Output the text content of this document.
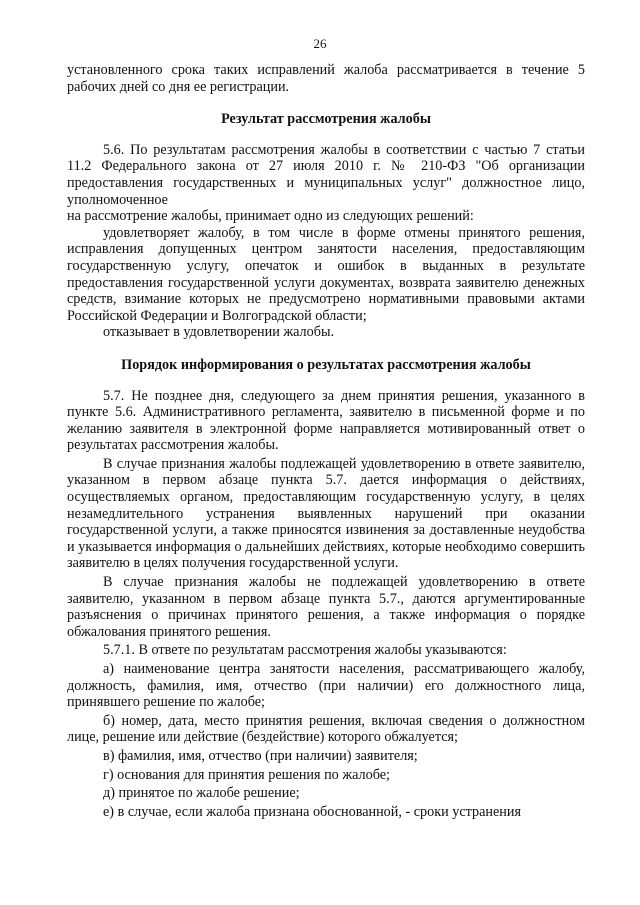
26

установленного срока таких исправлений жалоба рассматривается в течение 5 рабочих дней со дня ее регистрации.

Результат рассмотрения жалобы

5.6. По результатам рассмотрения жалобы в соответствии с частью 7 статьи 11.2 Федерального закона от 27 июля 2010 г. № 210-ФЗ "Об организации предоставления государственных и муниципальных услуг" должностное лицо, уполномоченное

на рассмотрение жалобы, принимает одно из следующих решений:

удовлетворяет жалобу, в том числе в форме отмены принятого решения, исправления допущенных центром занятости населения, предоставляющим государственную услугу, опечаток и ошибок в выданных в результате предоставления государственной услуги документах, возврата заявителю денежных средств, взимание которых не предусмотрено нормативными правовыми актами Российской Федерации и Волгоградской области;

отказывает в удовлетворении жалобы.

Порядок информирования о результатах рассмотрения жалобы

5.7. Не позднее дня, следующего за днем принятия решения, указанного в пункте 5.6. Административного регламента, заявителю в письменной форме и по желанию заявителя в электронной форме направляется мотивированный ответ о результатах рассмотрения жалобы.

В случае признания жалобы подлежащей удовлетворению в ответе заявителю, указанном в первом абзаце пункта 5.7. дается информация о действиях, осуществляемых органом, предоставляющим государственную услугу, в целях незамедлительного устранения выявленных нарушений при оказании государственной услуги, а также приносятся извинения за доставленные неудобства и указывается информация о дальнейших действиях, которые необходимо совершить заявителю в целях получения государственной услуги.

В случае признания жалобы не подлежащей удовлетворению в ответе заявителю, указанном в первом абзаце пункта 5.7., даются аргументированные разъяснения о причинах принятого решения, а также информация о порядке обжалования принятого решения.

5.7.1. В ответе по результатам рассмотрения жалобы указываются:

а) наименование центра занятости населения, рассматривающего жалобу, должность, фамилия, имя, отчество (при наличии) его должностного лица, принявшего решение по жалобе;

б) номер, дата, место принятия решения, включая сведения о должностном лице, решение или действие (бездействие) которого обжалуется;

в) фамилия, имя, отчество (при наличии) заявителя;

г) основания для принятия решения по жалобе;

д) принятое по жалобе решение;

е) в случае, если жалоба признана обоснованной, - сроки устранения
